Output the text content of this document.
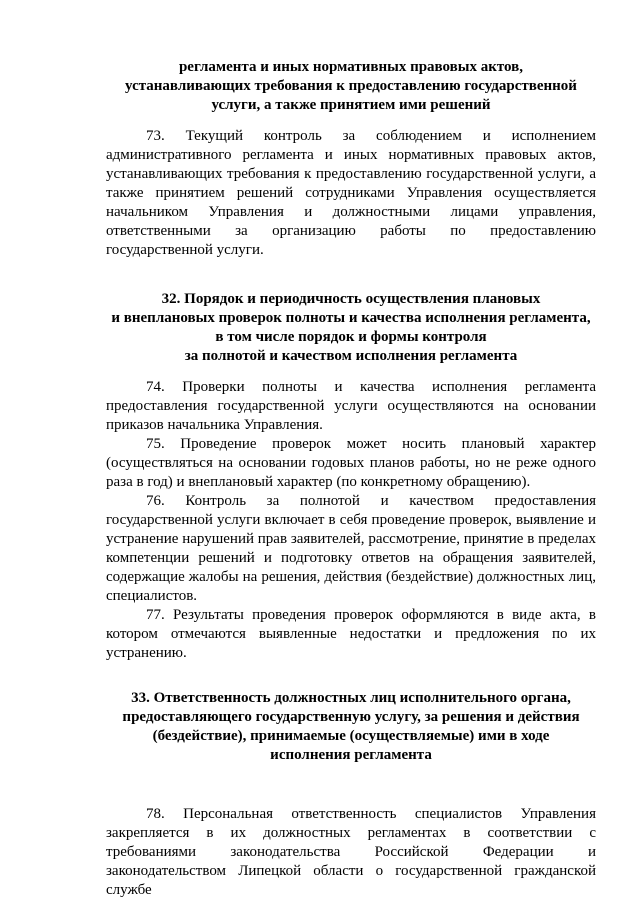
регламента и иных нормативных правовых актов,
устанавливающих требования к предоставлению государственной
услуги, а также принятием ими решений

73. Текущий контроль за соблюдением и исполнением административного регламента и иных нормативных правовых актов, устанавливающих требования к предоставлению государственной услуги, а также принятием решений сотрудниками Управления осуществляется начальником Управления и должностными лицами управления, ответственными за организацию работы по предоставлению государственной услуги.

32. Порядок и периодичность осуществления плановых
и внеплановых проверок полноты и качества исполнения регламента,
в том числе порядок и формы контроля
за полнотой и качеством исполнения регламента

74. Проверки полноты и качества исполнения регламента предоставления государственной услуги осуществляются на основании приказов начальника Управления.

75. Проведение проверок может носить плановый характер (осуществляться на основании годовых планов работы, но не реже одного раза в год) и внеплановый характер (по конкретному обращению).

76. Контроль за полнотой и качеством предоставления государственной услуги включает в себя проведение проверок, выявление и устранение нарушений прав заявителей, рассмотрение, принятие в пределах компетенции решений и подготовку ответов на обращения заявителей, содержащие жалобы на решения, действия (бездействие) должностных лиц, специалистов.

77. Результаты проведения проверок оформляются в виде акта, в котором отмечаются выявленные недостатки и предложения по их устранению.

33. Ответственность должностных лиц исполнительного органа,
предоставляющего государственную услугу, за решения и действия
(бездействие), принимаемые (осуществляемые) ими в ходе
исполнения регламента

78. Персональная ответственность специалистов Управления закрепляется в их должностных регламентах в соответствии с требованиями законодательства Российской Федерации и законодательством Липецкой области о государственной гражданской службе
